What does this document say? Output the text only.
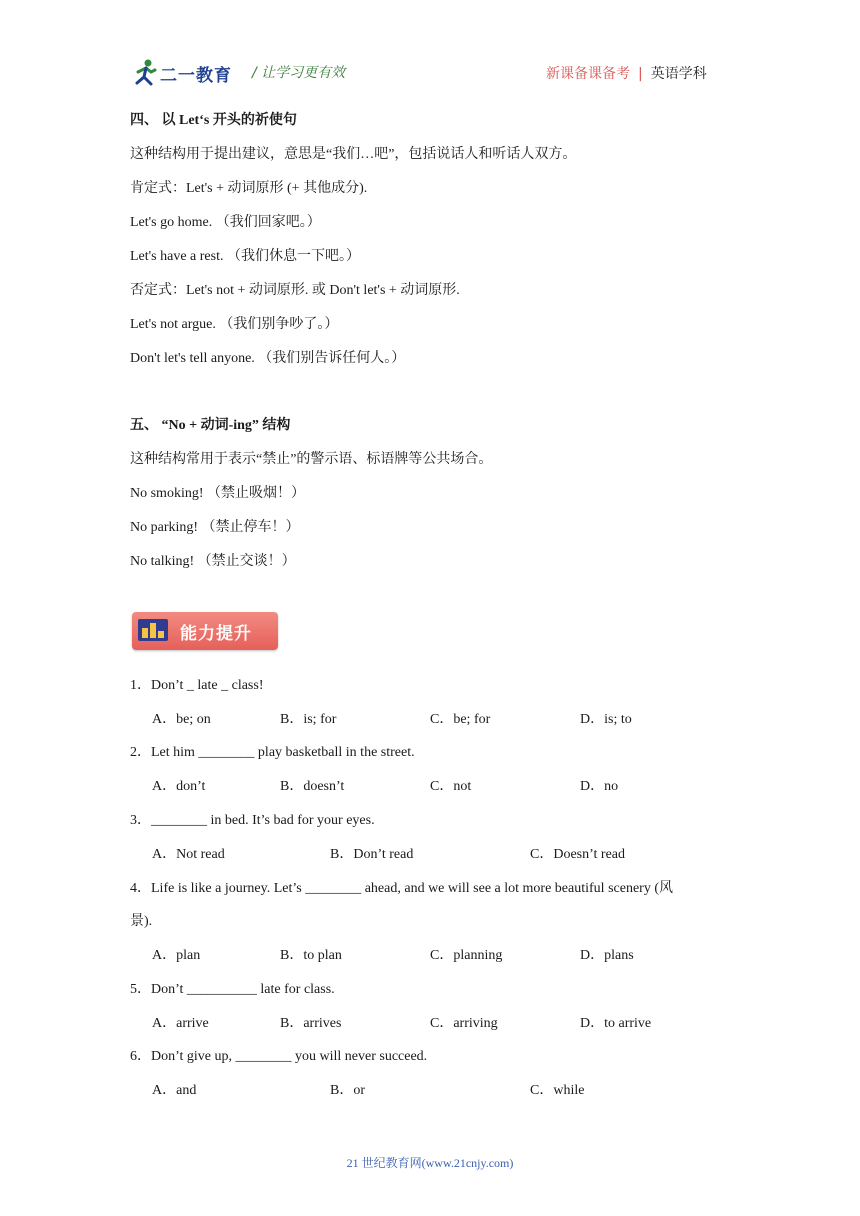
二一教育 / 让学习更有效	新课备课备考 | 英语学科
四、 以 Let‘s 开头的祈使句
这种结构用于提出建议，意思是“我们…吧”，包括说话人和听话人双方。
肯定式：Let's + 动词原形 (+ 其他成分).
Let's go home. （我们回家吧。）
Let's have a rest. （我们休息一下吧。）
否定式：Let's not + 动词原形. 或 Don't let's + 动词原形.
Let's not argue. （我们别争吵了。）
Don't let's tell anyone. （我们别告诉任何人。）
五、 “No + 动词-ing” 结构
这种结构常用于表示“禁止”的警示语、标语牌等公共场合。
No smoking! （禁止吸烟！）
No parking! （禁止停车！）
No talking! （禁止交谈！）
能力提升
1．Don’t _ late _ class!
A．be; on	B．is; for	C．be; for	D．is; to
2．Let him ________ play basketball in the street.
A．don’t	B．doesn’t	C．not	D．no
3．________ in bed. It’s bad for your eyes.
A．Not read	B．Don’t read	C．Doesn’t read
4．Life is like a journey. Let’s ________ ahead, and we will see a lot more beautiful scenery (风
景).
A．plan	B．to plan	C．planning	D．plans
5．Don’t __________ late for class.
A．arrive	B．arrives	C．arriving	D．to arrive
6．Don’t give up, ________ you will never succeed.
A．and	B．or	C．while
21 世纪教育网(www.21cnjy.com)
